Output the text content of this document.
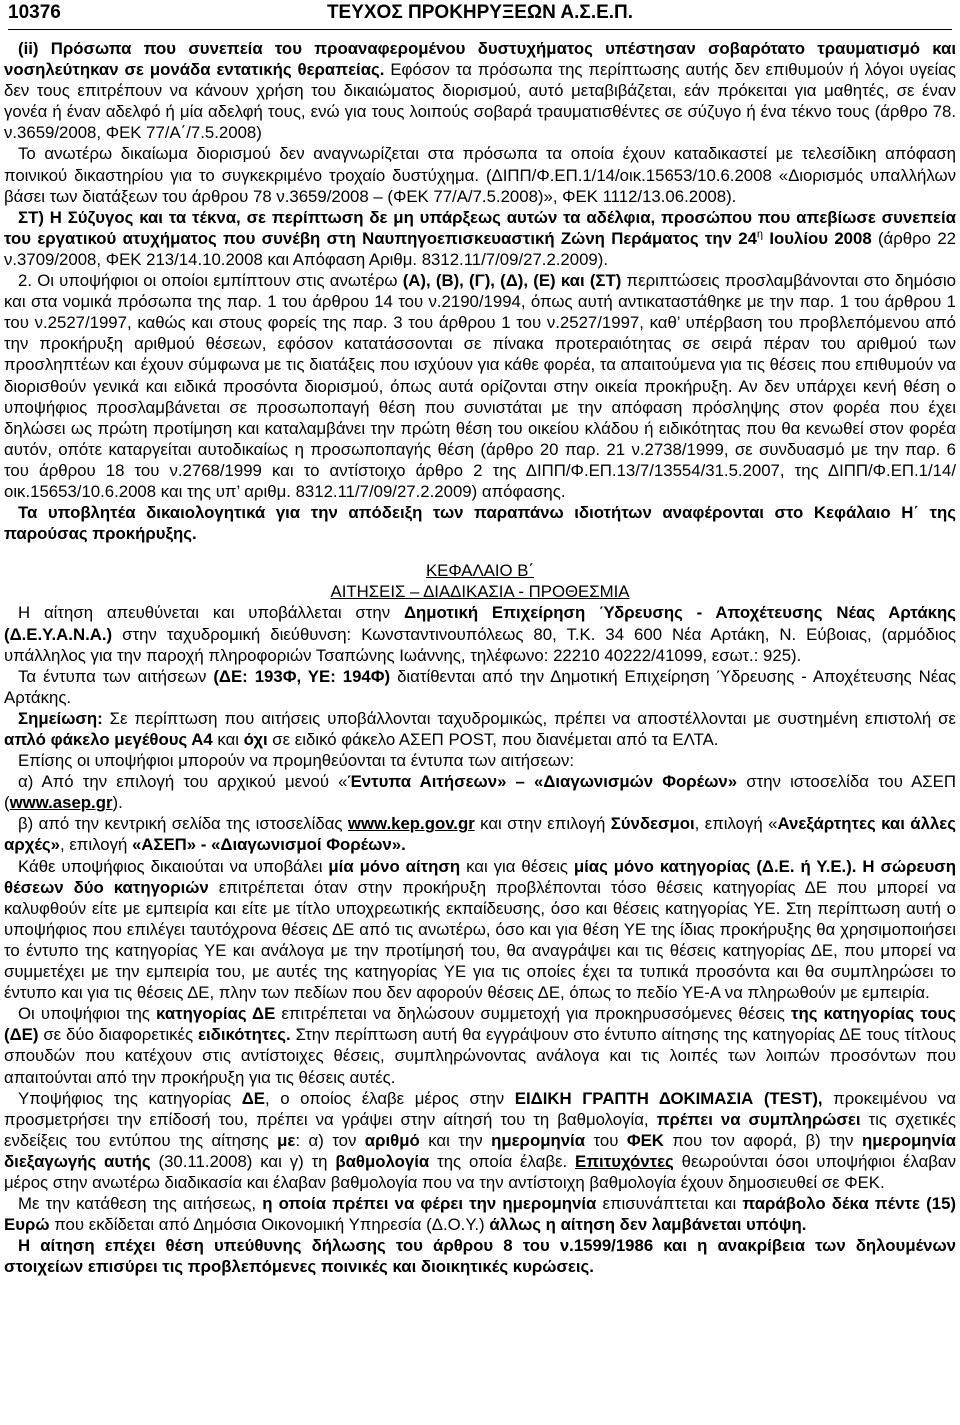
10376	ΤΕΥΧΟΣ ΠΡΟΚΗΡΥΞΕΩΝ Α.Σ.Ε.Π.

(ii) Πρόσωπα που συνεπεία του προαναφερομένου δυστυχήματος υπέστησαν σοβαρότατο τραυματισμό και νοσηλεύτηκαν σε μονάδα εντατικής θεραπείας. Εφόσον τα πρόσωπα της περίπτωσης αυτής δεν επιθυμούν ή λόγοι υγείας δεν τους επιτρέπουν να κάνουν χρήση του δικαιώματος διορισμού, αυτό μεταβιβάζεται, εάν πρόκειται για μαθητές, σε έναν γονέα ή έναν αδελφό ή μία αδελφή τους, ενώ για τους λοιπούς σοβαρά τραυματισθέντες σε σύζυγο ή ένα τέκνο τους (άρθρο 78. ν.3659/2008, ΦΕΚ 77/Α΄/7.5.2008)

Το ανωτέρω δικαίωμα διορισμού δεν αναγνωρίζεται στα πρόσωπα τα οποία έχουν καταδικαστεί με τελεσίδικη απόφαση ποινικού δικαστηρίου για το συγκεκριμένο τροχαίο δυστύχημα. (ΔΙΠΠ/Φ.ΕΠ.1/14/οικ.15653/10.6.2008 «Διορισμός υπαλλήλων βάσει των διατάξεων του άρθρου 78 ν.3659/2008 – (ΦΕΚ 77/Α/7.5.2008)», ΦΕΚ 1112/13.06.2008).

ΣΤ) Η Σύζυγος και τα τέκνα, σε περίπτωση δε μη υπάρξεως αυτών τα αδέλφια, προσώπου που απεβίωσε συνεπεία του εργατικού ατυχήματος που συνέβη στη Ναυπηγοεπισκευαστική Ζώνη Περάματος την $24^\eta$ Ιουλίου 2008 (άρθρο 22 ν.3709/2008, ΦΕΚ 213/14.10.2008 και Απόφαση Αριθμ. 8312.11/7/09/27.2.2009).

2. Οι υποψήφιοι οι οποίοι εμπίπτουν στις ανωτέρω (Α), (Β), (Γ), (Δ), (Ε) και (ΣΤ) περιπτώσεις προσλαμβάνονται στο δημόσιο και στα νομικά πρόσωπα της παρ. 1 του άρθρου 14 του ν.2190/1994, όπως αυτή αντικαταστάθηκε με την παρ. 1 του άρθρου 1 του ν.2527/1997, καθώς και στους φορείς της παρ. 3 του άρθρου 1 του ν.2527/1997, καθ’ υπέρβαση του προβλεπόμενου από την προκήρυξη αριθμού θέσεων, εφόσον κατατάσσονται σε πίνακα προτεραιότητας σε σειρά πέραν του αριθμού των προσληπτέων και έχουν σύμφωνα με τις διατάξεις που ισχύουν για κάθε φορέα, τα απαιτούμενα για τις θέσεις που επιθυμούν να διορισθούν γενικά και ειδικά προσόντα διορισμού, όπως αυτά ορίζονται στην οικεία προκήρυξη. Αν δεν υπάρχει κενή θέση ο υποψήφιος προσλαμβάνεται σε προσωποπαγή θέση που συνιστάται με την απόφαση πρόσληψης στον φορέα που έχει δηλώσει ως πρώτη προτίμηση και καταλαμβάνει την πρώτη θέση του οικείου κλάδου ή ειδικότητας που θα κενωθεί στον φορέα αυτόν, οπότε καταργείται αυτοδικαίως η προσωποπαγής θέση (άρθρο 20 παρ. 21 ν.2738/1999, σε συνδυασμό με την παρ. 6 του άρθρου 18 του ν.2768/1999 και το αντίστοιχο άρθρο 2 της ΔΙΠΠ/Φ.ΕΠ.13/7/13554/31.5.2007, της ΔΙΠΠ/Φ.ΕΠ.1/14/οικ.15653/10.6.2008 και της υπ’ αριθμ. 8312.11/7/09/27.2.2009) απόφασης.

Τα υποβλητέα δικαιολογητικά για την απόδειξη των παραπάνω ιδιοτήτων αναφέρονται στο Κεφάλαιο Η΄ της παρούσας προκήρυξης.

ΚΕΦΑΛΑΙΟ Β΄

ΑΙΤΗΣΕΙΣ – ΔΙΑΔΙΚΑΣΙΑ - ΠΡΟΘΕΣΜΙΑ

Η αίτηση απευθύνεται και υποβάλλεται στην Δημοτική Επιχείρηση Ύδρευσης - Αποχέτευσης Νέας Αρτάκης (Δ.Ε.Υ.Α.Ν.Α.) στην ταχυδρομική διεύθυνση: Κωνσταντινουπόλεως 80, Τ.Κ. 34 600 Νέα Αρτάκη, Ν. Εύβοιας, (αρμόδιος υπάλληλος για την παροχή πληροφοριών Τσαπώνης Ιωάννης, τηλέφωνο: 22210 40222/41099, εσωτ.: 925).

Τα έντυπα των αιτήσεων (ΔΕ: 193Φ, ΥΕ: 194Φ) διατίθενται από την Δημοτική Επιχείρηση Ύδρευσης - Αποχέτευσης Νέας Αρτάκης.

Σημείωση: Σε περίπτωση που αιτήσεις υποβάλλονται ταχυδρομικώς, πρέπει να αποστέλλονται με συστημένη επιστολή σε απλό φάκελο μεγέθους Α4 και όχι σε ειδικό φάκελο ΑΣΕΠ POST, που διανέμεται από τα ΕΛΤΑ.

Επίσης οι υποψήφιοι μπορούν να προμηθεύονται τα έντυπα των αιτήσεων:

α) Από την επιλογή του αρχικού μενού «Έντυπα Αιτήσεων» – «Διαγωνισμών Φορέων» στην ιστοσελίδα του ΑΣΕΠ (www.asep.gr).

β) από την κεντρική σελίδα της ιστοσελίδας www.kep.gov.gr και στην επιλογή Σύνδεσμοι, επιλογή «Ανεξάρτητες και άλλες αρχές», επιλογή «ΑΣΕΠ» - «Διαγωνισμοί Φορέων».

Κάθε υποψήφιος δικαιούται να υποβάλει μία μόνο αίτηση και για θέσεις μίας μόνο κατηγορίας (Δ.Ε. ή Υ.Ε.). Η σώρευση θέσεων δύο κατηγοριών επιτρέπεται όταν στην προκήρυξη προβλέπονται τόσο θέσεις κατηγορίας ΔΕ που μπορεί να καλυφθούν είτε με εμπειρία και είτε με τίτλο υποχρεωτικής εκπαίδευσης, όσο και θέσεις κατηγορίας ΥΕ. Στη περίπτωση αυτή ο υποψήφιος που επιλέγει ταυτόχρονα θέσεις ΔΕ από τις ανωτέρω, όσο και για θέση ΥΕ της ίδιας προκήρυξης θα χρησιμοποιήσει το έντυπο της κατηγορίας ΥΕ και ανάλογα με την προτίμησή του, θα αναγράψει και τις θέσεις κατηγορίας ΔΕ, που μπορεί να συμμετέχει με την εμπειρία του, με αυτές της κατηγορίας ΥΕ για τις οποίες έχει τα τυπικά προσόντα και θα συμπληρώσει το έντυπο και για τις θέσεις ΔΕ, πλην των πεδίων που δεν αφορούν θέσεις ΔΕ, όπως το πεδίο ΥΕ-Α να πληρωθούν με εμπειρία.

Οι υποψήφιοι της κατηγορίας ΔΕ επιτρέπεται να δηλώσουν συμμετοχή για προκηρυσσόμενες θέσεις της κατηγορίας τους (ΔΕ) σε δύο διαφορετικές ειδικότητες. Στην περίπτωση αυτή θα εγγράψουν στο έντυπο αίτησης της κατηγορίας ΔΕ τους τίτλους σπουδών που κατέχουν στις αντίστοιχες θέσεις, συμπληρώνοντας ανάλογα και τις λοιπές των λοιπών προσόντων που απαιτούνται από την προκήρυξη για τις θέσεις αυτές.

Υποψήφιος της κατηγορίας ΔΕ, ο οποίος έλαβε μέρος στην ΕΙΔΙΚΗ ΓΡΑΠΤΗ ΔΟΚΙΜΑΣΙΑ (TEST), προκειμένου να προσμετρήσει την επίδοσή του, πρέπει να γράψει στην αίτησή του τη βαθμολογία, πρέπει να συμπληρώσει τις σχετικές ενδείξεις του εντύπου της αίτησης με: α) τον αριθμό και την ημερομηνία του ΦΕΚ που τον αφορά, β) την ημερομηνία διεξαγωγής αυτής (30.11.2008) και γ) τη βαθμολογία της οποία έλαβε. Επιτυχόντες θεωρούνται όσοι υποψήφιοι έλαβαν μέρος στην ανωτέρω διαδικασία και έλαβαν βαθμολογία που να την αντίστοιχη βαθμολογία έχουν δημοσιευθεί σε ΦΕΚ.

Με την κατάθεση της αιτήσεως, η οποία πρέπει να φέρει την ημερομηνία επισυνάπτεται και παράβολο δέκα πέντε (15) Ευρώ που εκδίδεται από Δημόσια Οικονομική Υπηρεσία (Δ.Ο.Υ.) άλλως η αίτηση δεν λαμβάνεται υπόψη.

Η αίτηση επέχει θέση υπεύθυνης δήλωσης του άρθρου 8 του ν.1599/1986 και η ανακρίβεια των δηλουμένων στοιχείων επισύρει τις προβλεπόμενες ποινικές και διοικητικές κυρώσεις.
